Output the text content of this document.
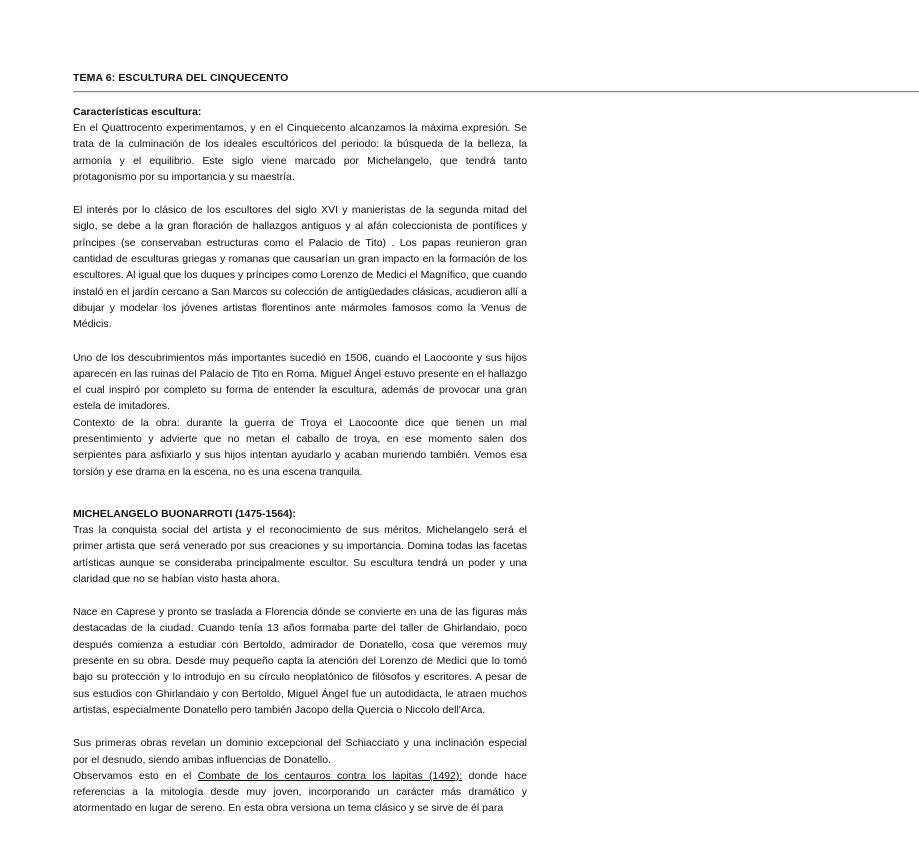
TEMA 6: ESCULTURA DEL CINQUECENTO
——————————————————————————————————————————————————————————————————————————————————————————————
Características escultura:

En el Quattrocento experimentamos, y en el Cinquecento alcanzamos la máxima expresión. Se trata de la culminación de los ideales escultóricos del periodo: la búsqueda de la belleza, la armonía y el equilibrio. Este siglo viene marcado por Michelangelo, que tendrá tanto protagonismo por su importancia y su maestría.

El interés por lo clásico de los escultores del siglo XVI y manieristas de la segunda mitad del siglo, se debe a la gran floración de hallazgos antiguos y al afán coleccionista de pontífices y príncipes (se conservaban estructuras como el Palacio de Tito) . Los papas reunieron gran cantidad de esculturas griegas y romanas que causarían un gran impacto en la formación de los escultores. Al igual que los duques y príncipes como Lorenzo de Medici el Magnífico, que cuando instaló en el jardín cercano a San Marcos su colección de antigüedades clásicas, acudieron allí a dibujar y modelar los jóvenes artistas florentinos ante mármoles famosos como la Venus de Médicis.

Uno de los descubrimientos más importantes sucedió en 1506, cuando el Laocoonte y sus hijos aparecen en las ruinas del Palacio de Tito en Roma. Miguel Ángel estuvo presente en el hallazgo el cual inspiró por completo su forma de entender la escultura, además de provocar una gran estela de imitadores.

Contexto de la obra: durante la guerra de Troya el Laocoonte dice que tienen un mal presentimiento y advierte que no metan el caballo de troya, en ese momento salen dos serpientes para asfixiarlo y sus hijos intentan ayudarlo y acaban muriendo también. Vemos esa torsión y ese drama en la escena, no es una escena tranquila.

MICHELANGELO BUONARROTI (1475-1564):

Tras la conquista social del artista y el reconocimiento de sus méritos, Michelangelo será el primer artista que será venerado por sus creaciones y su importancia. Domina todas las facetas artísticas aunque se consideraba principalmente escultor. Su escultura tendrá un poder y una claridad que no se habían visto hasta ahora.

Nace en Caprese y pronto se traslada a Florencia dónde se convierte en una de las figuras más destacadas de la ciudad. Cuando tenía 13 años formaba parte del taller de Ghirlandaio, poco después comienza a estudiar con Bertoldo, admirador de Donatello, cosa que veremos muy presente en su obra. Desde muy pequeño capta la atención del Lorenzo de Medici que lo tomó bajo su protección y lo introdujo en su círculo neoplatónico de filósofos y escritores. A pesar de sus estudios con Ghirlandaio y con Bertoldo, Miguel Ángel fue un autodidacta, le atraen muchos artistas, especialmente Donatello pero también Jacopo della Quercia o Niccolo dell'Arca.

Sus primeras obras revelan un dominio excepcional del Schiacciato y una inclinación especial por el desnudo, siendo ambas influencias de Donatello.

Observamos esto en el Combate de los centauros contra los lapitas (1492): donde hace referencias a la mitología desde muy joven, incorporando un carácter más dramático y atormentado en lugar de sereno. En esta obra versiona un tema clásico y se sirve de él para
